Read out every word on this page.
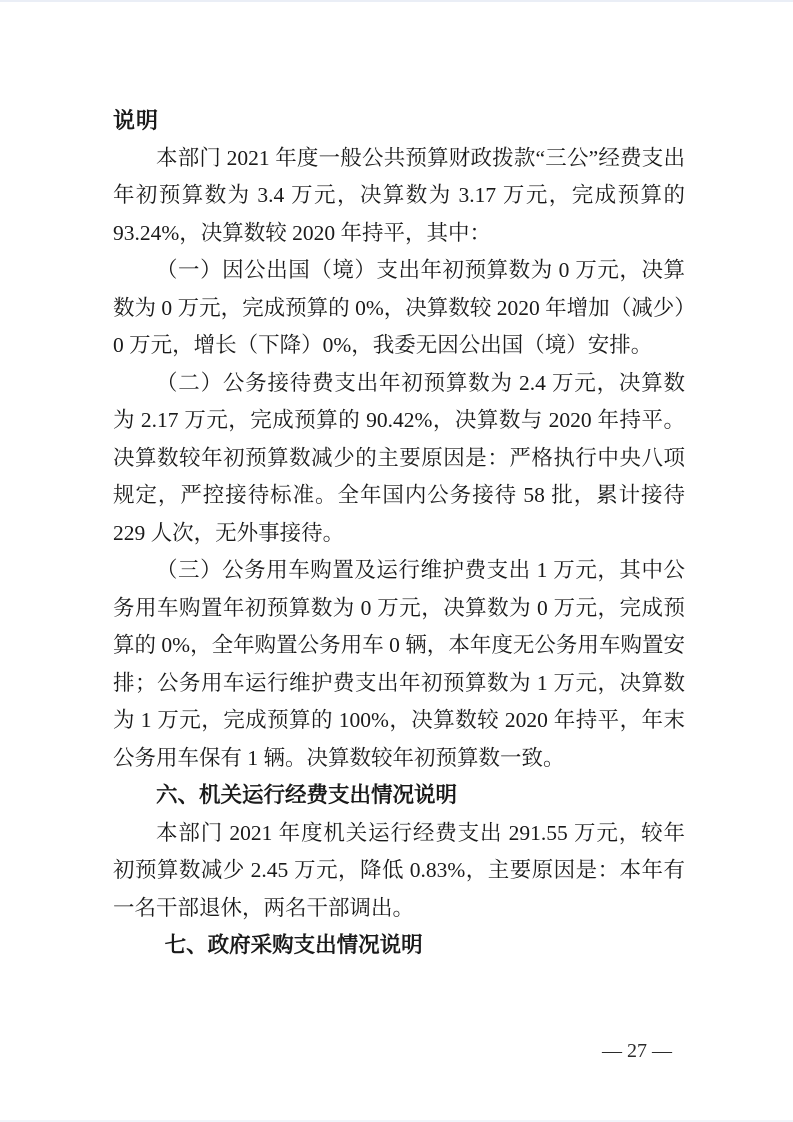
说明

本部门 2021 年度一般公共预算财政拨款“三公”经费支出年初预算数为 3.4 万元，决算数为 3.17 万元，完成预算的 93.24%，决算数较 2020 年持平，其中：

（一）因公出国（境）支出年初预算数为 0 万元，决算数为 0 万元，完成预算的 0%，决算数较 2020 年增加（减少）0 万元，增长（下降）0%，我委无因公出国（境）安排。

（二）公务接待费支出年初预算数为 2.4 万元，决算数为 2.17 万元，完成预算的 90.42%，决算数与 2020 年持平。决算数较年初预算数减少的主要原因是：严格执行中央八项规定，严控接待标准。全年国内公务接待 58 批，累计接待 229 人次，无外事接待。

（三）公务用车购置及运行维护费支出 1 万元，其中公务用车购置年初预算数为 0 万元，决算数为 0 万元，完成预算的 0%，全年购置公务用车 0 辆，本年度无公务用车购置安排；公务用车运行维护费支出年初预算数为 1 万元，决算数为 1 万元，完成预算的 100%，决算数较 2020 年持平，年末公务用车保有 1 辆。决算数较年初预算数一致。

六、机关运行经费支出情况说明

本部门 2021 年度机关运行经费支出 291.55 万元，较年初预算数减少 2.45 万元，降低 0.83%，主要原因是：本年有一名干部退休，两名干部调出。

七、政府采购支出情况说明
— 27 —
